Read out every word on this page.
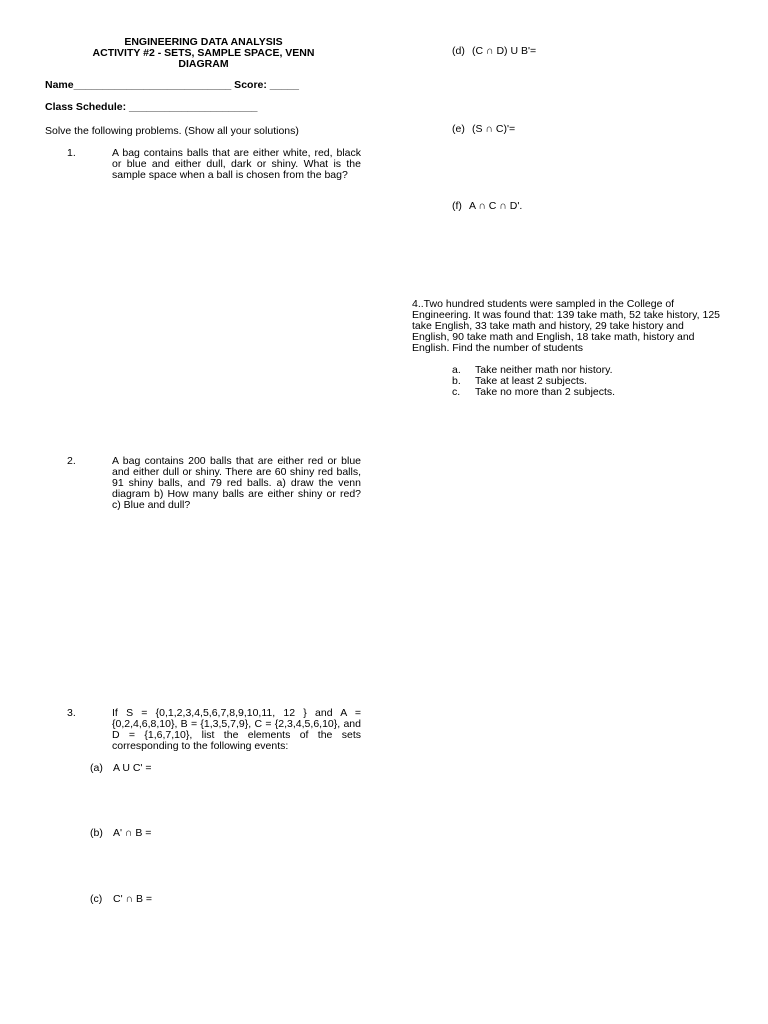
ENGINEERING DATA ANALYSIS
ACTIVITY #2 - SETS, SAMPLE SPACE, VENN
DIAGRAM
Name___________________________ Score: _____
Class Schedule: ______________________
Solve the following problems. (Show all your solutions)
1.	A bag contains balls that are either white, red, black or blue and either dull, dark or shiny. What is the sample space when a ball is chosen from the bag?
2.	A bag contains 200 balls that are either red or blue and either dull or shiny. There are 60 shiny red balls, 91 shiny balls, and 79 red balls. a) draw the venn diagram b) How many balls are either shiny or red? c) Blue and dull?
3.	If S = {0,1,2,3,4,5,6,7,8,9,10,11, 12 } and A = {0,2,4,6,8,10}, B = {1,3,5,7,9}, C = {2,3,4,5,6,10}, and D = {1,6,7,10}, list the elements of the sets corresponding to the following events:
(a) A U C' =
(b) A' ∩ B =
(c) C' ∩ B =
(d) (C ∩ D) U B'=
(e) (S ∩ C)'=
(f) A ∩ C ∩ D'.
4..Two hundred students were sampled in the College of Engineering. It was found that: 139 take math, 52 take history, 125 take English, 33 take math and history, 29 take history and English, 90 take math and English, 18 take math, history and English. Find the number of students
a. Take neither math nor history.
b. Take at least 2 subjects.
c. Take no more than 2 subjects.
